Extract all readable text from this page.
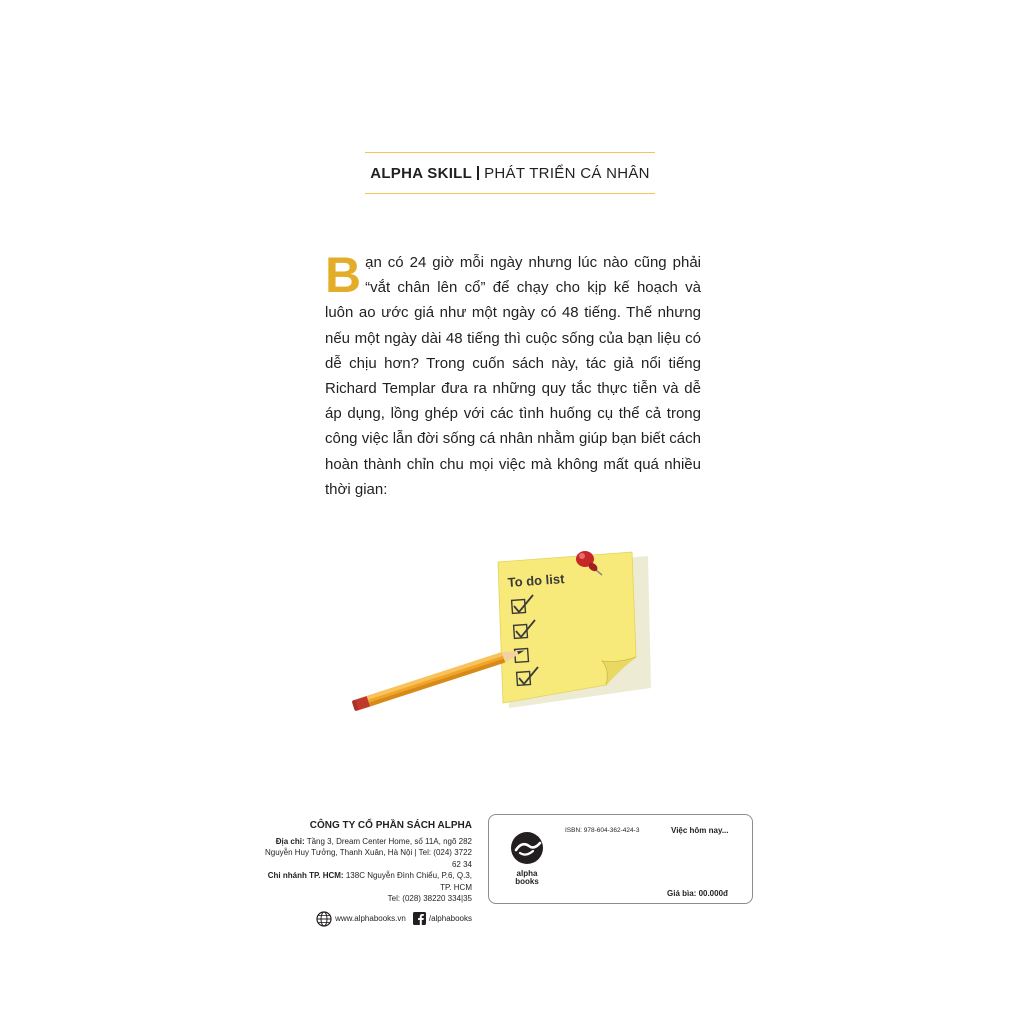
ALPHA SKILL PHÁT TRIỂN CÁ NHÂN
B ạn có 24 giờ mỗi ngày nhưng lúc nào cũng phải “vắt chân lên cổ” để chạy cho kịp kế hoạch và luôn ao ước giá như một ngày có 48 tiếng. Thế nhưng nếu một ngày dài 48 tiếng thì cuộc sống của bạn liệu có dễ chịu hơn? Trong cuốn sách này, tác giả nổi tiếng Richard Templar đưa ra những quy tắc thực tiễn và dễ áp dụng, lồng ghép với các tình huống cụ thể cả trong công việc lẫn đời sống cá nhân nhằm giúp bạn biết cách hoàn thành chỉn chu mọi việc mà không mất quá nhiều thời gian:
To do list
CÔNG TY CỔ PHẦN SÁCH ALPHA
Địa chỉ: Tầng 3, Dream Center Home, số 11A, ngõ 282
Nguyễn Huy Tưởng, Thanh Xuân, Hà Nội | Tel: (024) 3722 62 34
Chi nhánh TP. HCM: 138C Nguyễn Đình Chiểu, P.6, Q.3, TP. HCM
Tel: (028) 38220 334|35
www.alphabooks.vn	/alphabooks
alpha
books
ISBN: 978-604-362-424-3	Việc hôm nay...
Giá bìa: 00.000đ
